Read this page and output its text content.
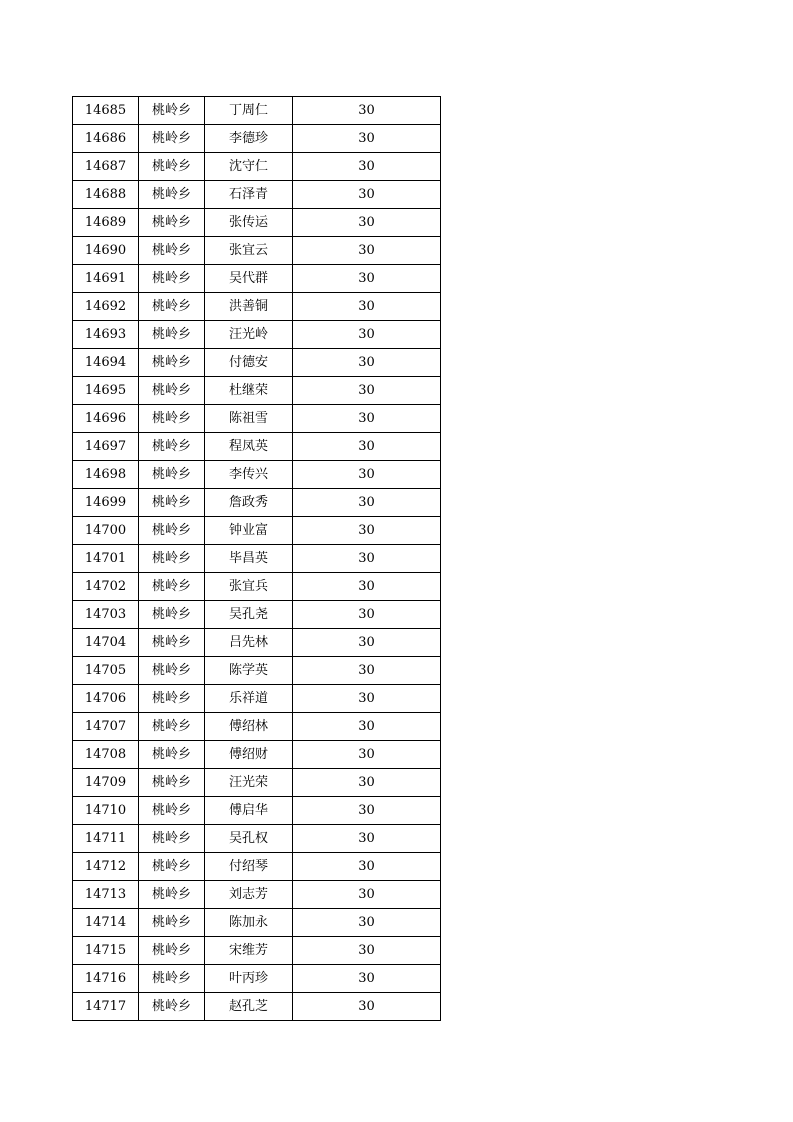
14685	桃岭乡	丁周仁	30
14686	桃岭乡	李德珍	30
14687	桃岭乡	沈守仁	30
14688	桃岭乡	石泽青	30
14689	桃岭乡	张传运	30
14690	桃岭乡	张宜云	30
14691	桃岭乡	吴代群	30
14692	桃岭乡	洪善铜	30
14693	桃岭乡	汪光岭	30
14694	桃岭乡	付德安	30
14695	桃岭乡	杜继荣	30
14696	桃岭乡	陈祖雪	30
14697	桃岭乡	程凤英	30
14698	桃岭乡	李传兴	30
14699	桃岭乡	詹政秀	30
14700	桃岭乡	钟业富	30
14701	桃岭乡	毕昌英	30
14702	桃岭乡	张宜兵	30
14703	桃岭乡	吴孔尧	30
14704	桃岭乡	吕先林	30
14705	桃岭乡	陈学英	30
14706	桃岭乡	乐祥道	30
14707	桃岭乡	傅绍林	30
14708	桃岭乡	傅绍财	30
14709	桃岭乡	汪光荣	30
14710	桃岭乡	傅启华	30
14711	桃岭乡	吴孔权	30
14712	桃岭乡	付绍琴	30
14713	桃岭乡	刘志芳	30
14714	桃岭乡	陈加永	30
14715	桃岭乡	宋维芳	30
14716	桃岭乡	叶丙珍	30
14717	桃岭乡	赵孔芝	30
